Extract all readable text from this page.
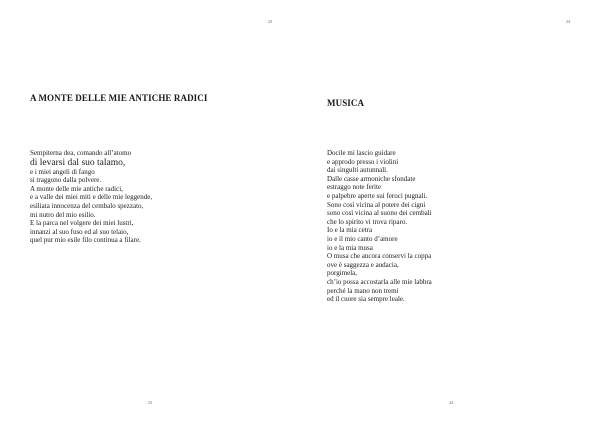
23
A MONTE DELLE MIE ANTICHE RADICI
Sempiterna dea, comando all’atomo
di levarsi dal suo talamo,
e i miei angeli di fango
si traggono dalla polvere.
A monte delle mie antiche radici,
e a valle dei miei miti e delle mie leggende,
esiliata innocenza del cembalo spezzato,
mi nutro del mio esilio.
E la parca nel volgere dei miei lustri,
innanzi al suo fuso ed al suo telaio,
quel pur mio esile filo continua a filare.
23
24
MUSICA
Docile mi lascio guidare
e approdo presso i violini
dai singulti autunnali.
Dalle casse armoniche sfondate
estraggo note ferite
e palpebre aperte sui feroci pugnali.
Sono così vicina al potere dei cigni
sono così vicina al suono dei cembali
che lo spirito vi trova riparo.
Io e la mia cetra
io e il mio canto d’amore
io e la mia musa
O musa che ancora conservi la coppa
ove è saggezza e audacia,
porgimela,
ch’io possa accostarla alle mie labbra
perché la mano non tremi
ed il cuore sia sempre leale.
24
